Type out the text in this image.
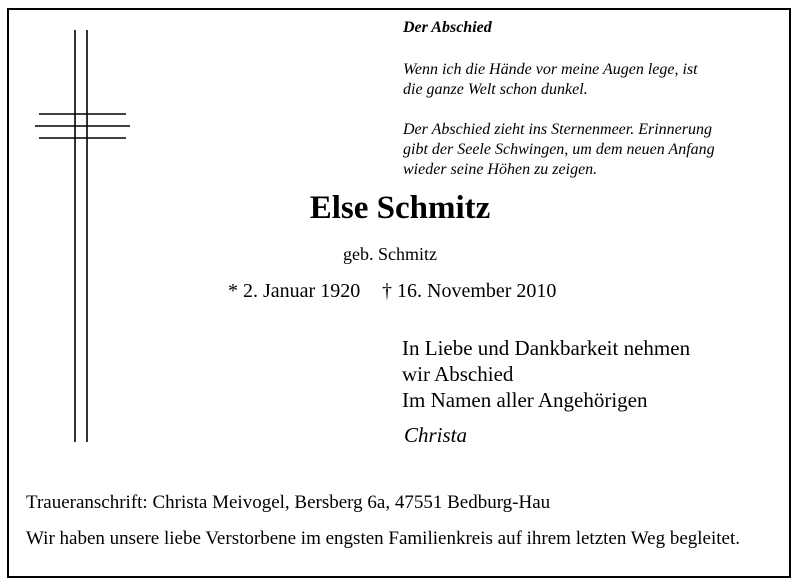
Der Abschied
Wenn ich die Hände vor meine Augen lege, ist
die ganze Welt schon dunkel.
Der Abschied zieht ins Sternenmeer. Erinnerung
gibt der Seele Schwingen, um dem neuen Anfang
wieder seine Höhen zu zeigen.
Else Schmitz
geb. Schmitz
* 2. Januar 1920 † 16. November 2010
In Liebe und Dankbarkeit nehmen
wir Abschied
Im Namen aller Angehörigen
Christa
Traueranschrift: Christa Meivogel, Bersberg 6a, 47551 Bedburg-Hau
Wir haben unsere liebe Verstorbene im engsten Familienkreis auf ihrem letzten Weg begleitet.
